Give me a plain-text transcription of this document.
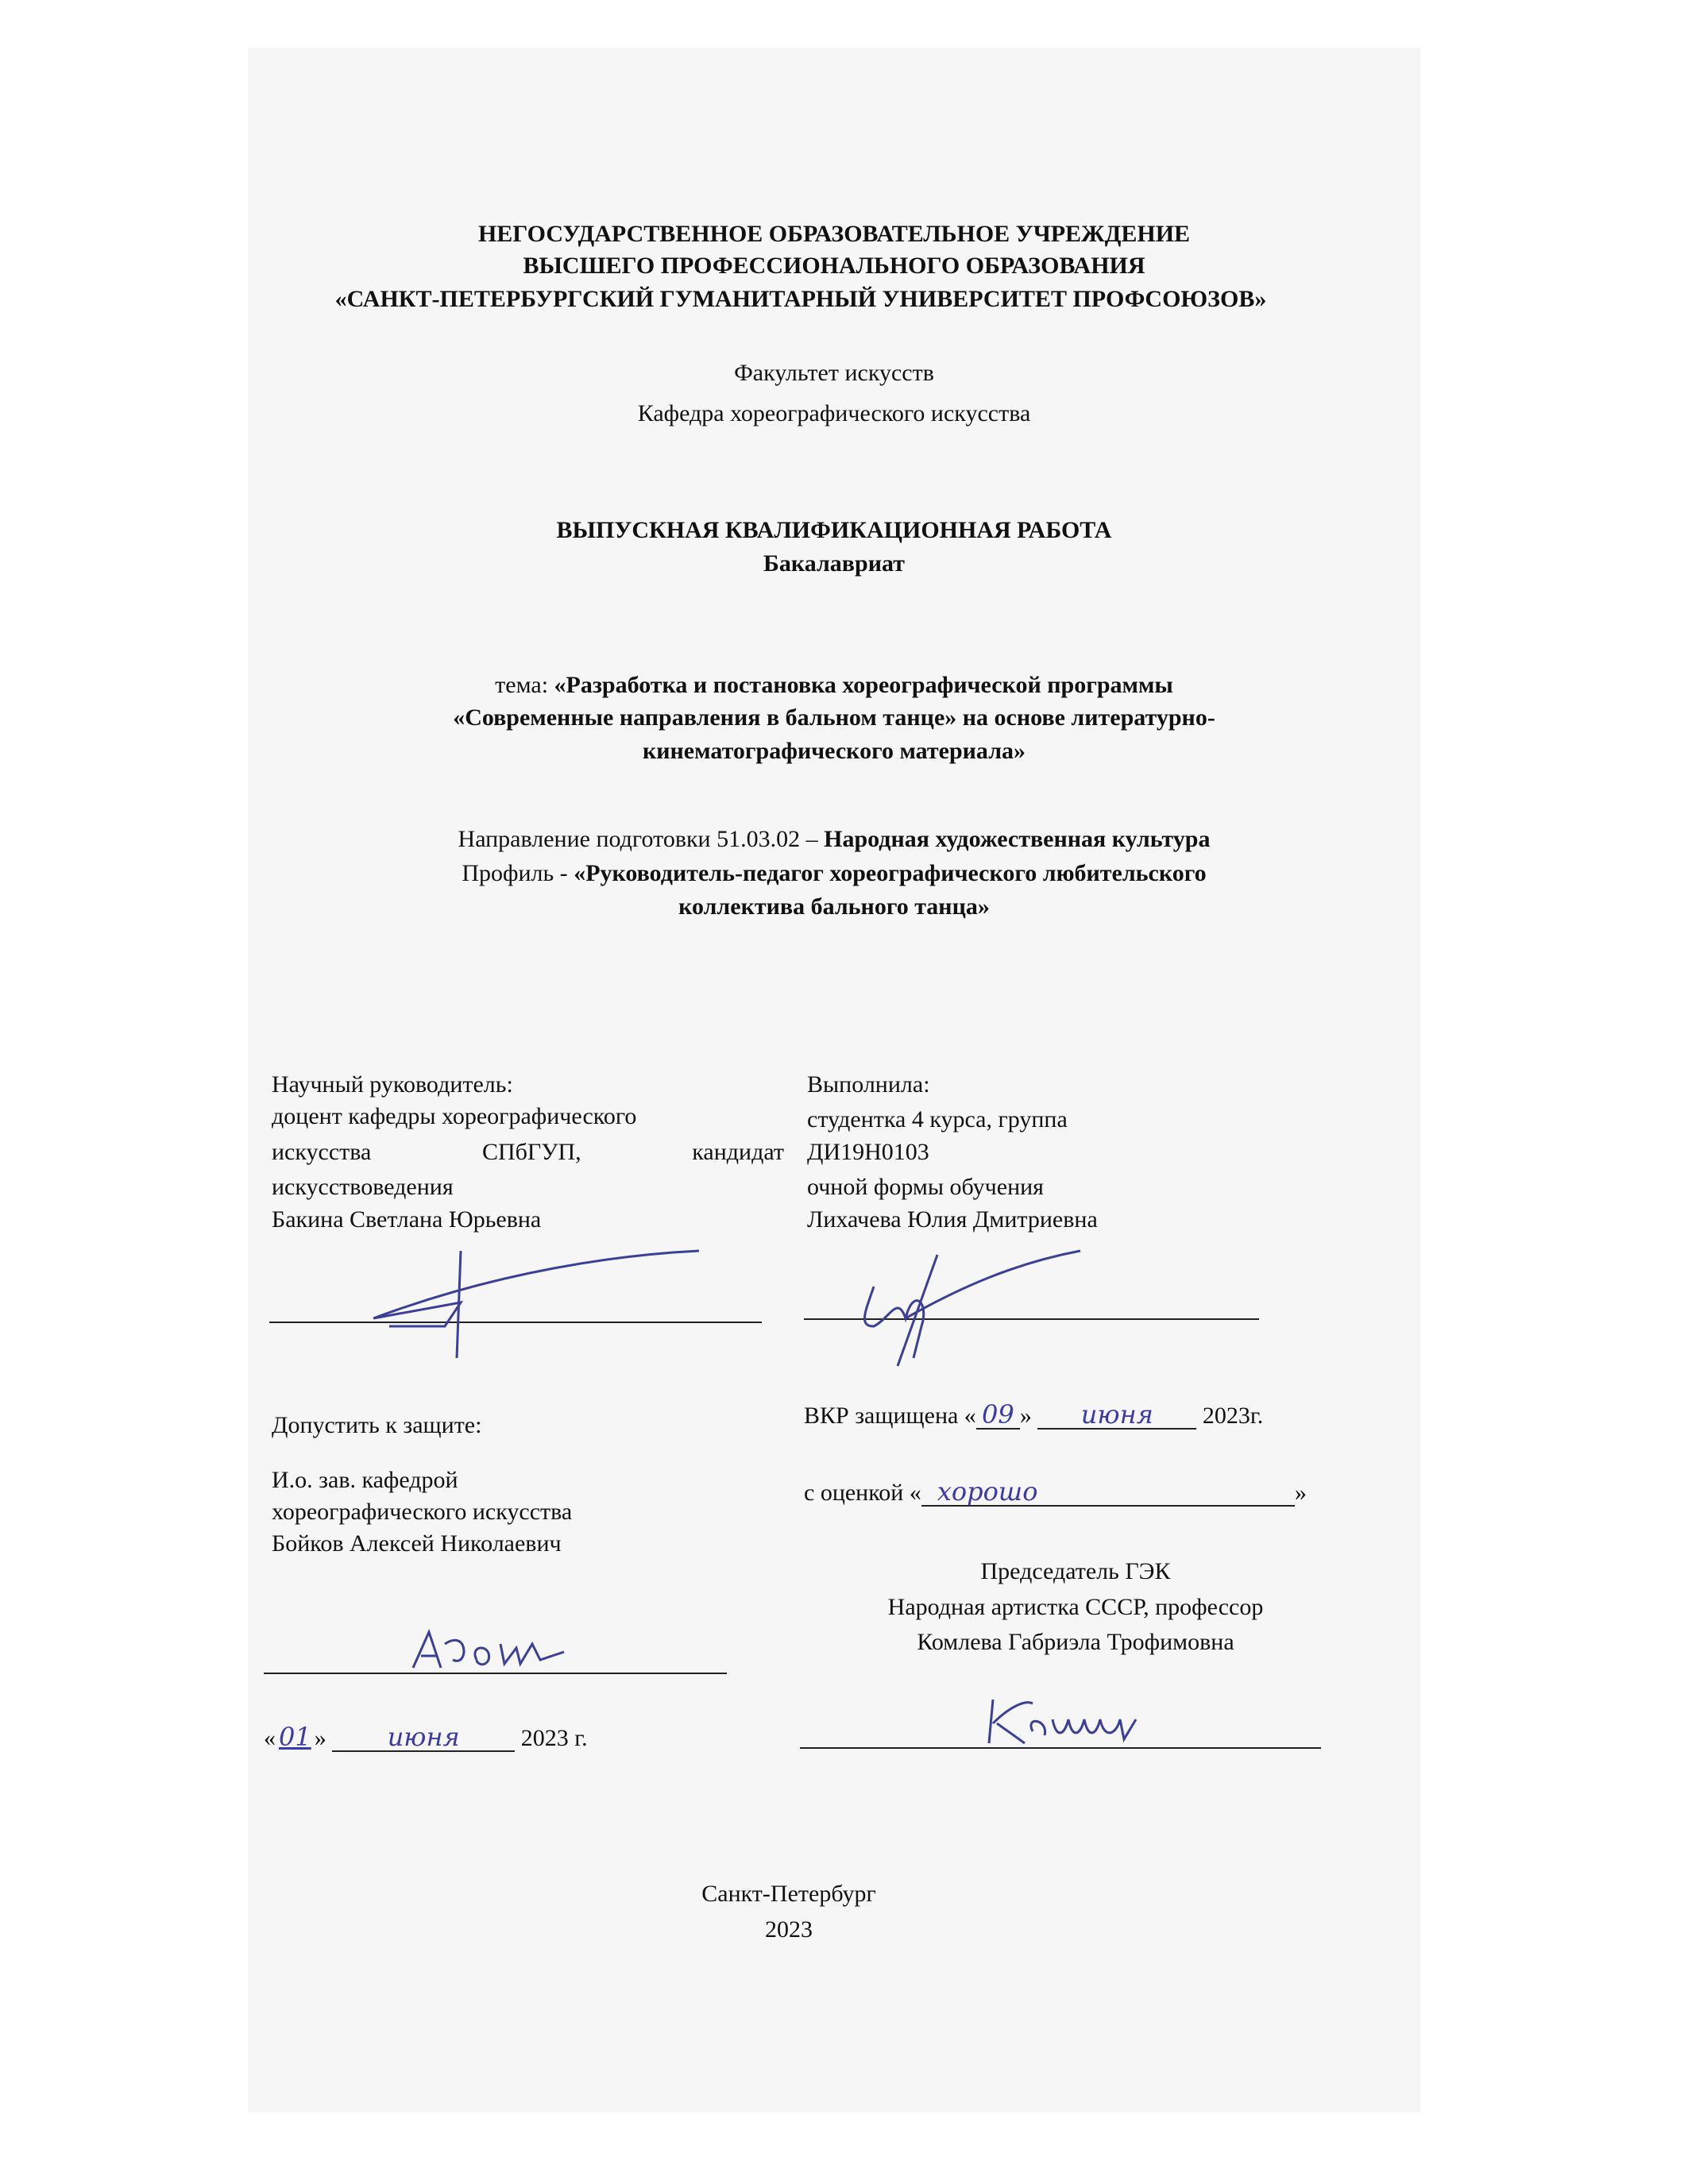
НЕГОСУДАРСТВЕННОЕ ОБРАЗОВАТЕЛЬНОЕ УЧРЕЖДЕНИЕ
ВЫСШЕГО ПРОФЕССИОНАЛЬНОГО ОБРАЗОВАНИЯ
«САНКТ-ПЕТЕРБУРГСКИЙ ГУМАНИТАРНЫЙ УНИВЕРСИТЕТ ПРОФСОЮЗОВ»
Факультет искусств
Кафедра хореографического искусства
ВЫПУСКНАЯ КВАЛИФИКАЦИОННАЯ РАБОТА
Бакалавриат
тема: «Разработка и постановка хореографической программы
«Современные направления в бальном танце» на основе литературно-
кинематографического материала»
Направление подготовки 51.03.02 – Народная художественная культура
Профиль - «Руководитель-педагог хореографического любительского
коллектива бального танца»
Научный руководитель:
доцент кафедры хореографического
искусства СПбГУП, кандидат
искусствоведения
Бакина Светлана Юрьевна
Выполнила:
студентка 4 курса, группа
ДИ19Н0103
очной формы обучения
Лихачева Юлия Дмитриевна
Допустить к защите:
И.о. зав. кафедрой
хореографического искусства
Бойков Алексей Николаевич
« 01 » июня	2023 г.
ВКР защищена « 09 » июня 2023г.
с оценкой « хорошо	»
Председатель ГЭК
Народная артистка СССР, профессор
Комлева Габриэла Трофимовна
Санкт-Петербург
2023
